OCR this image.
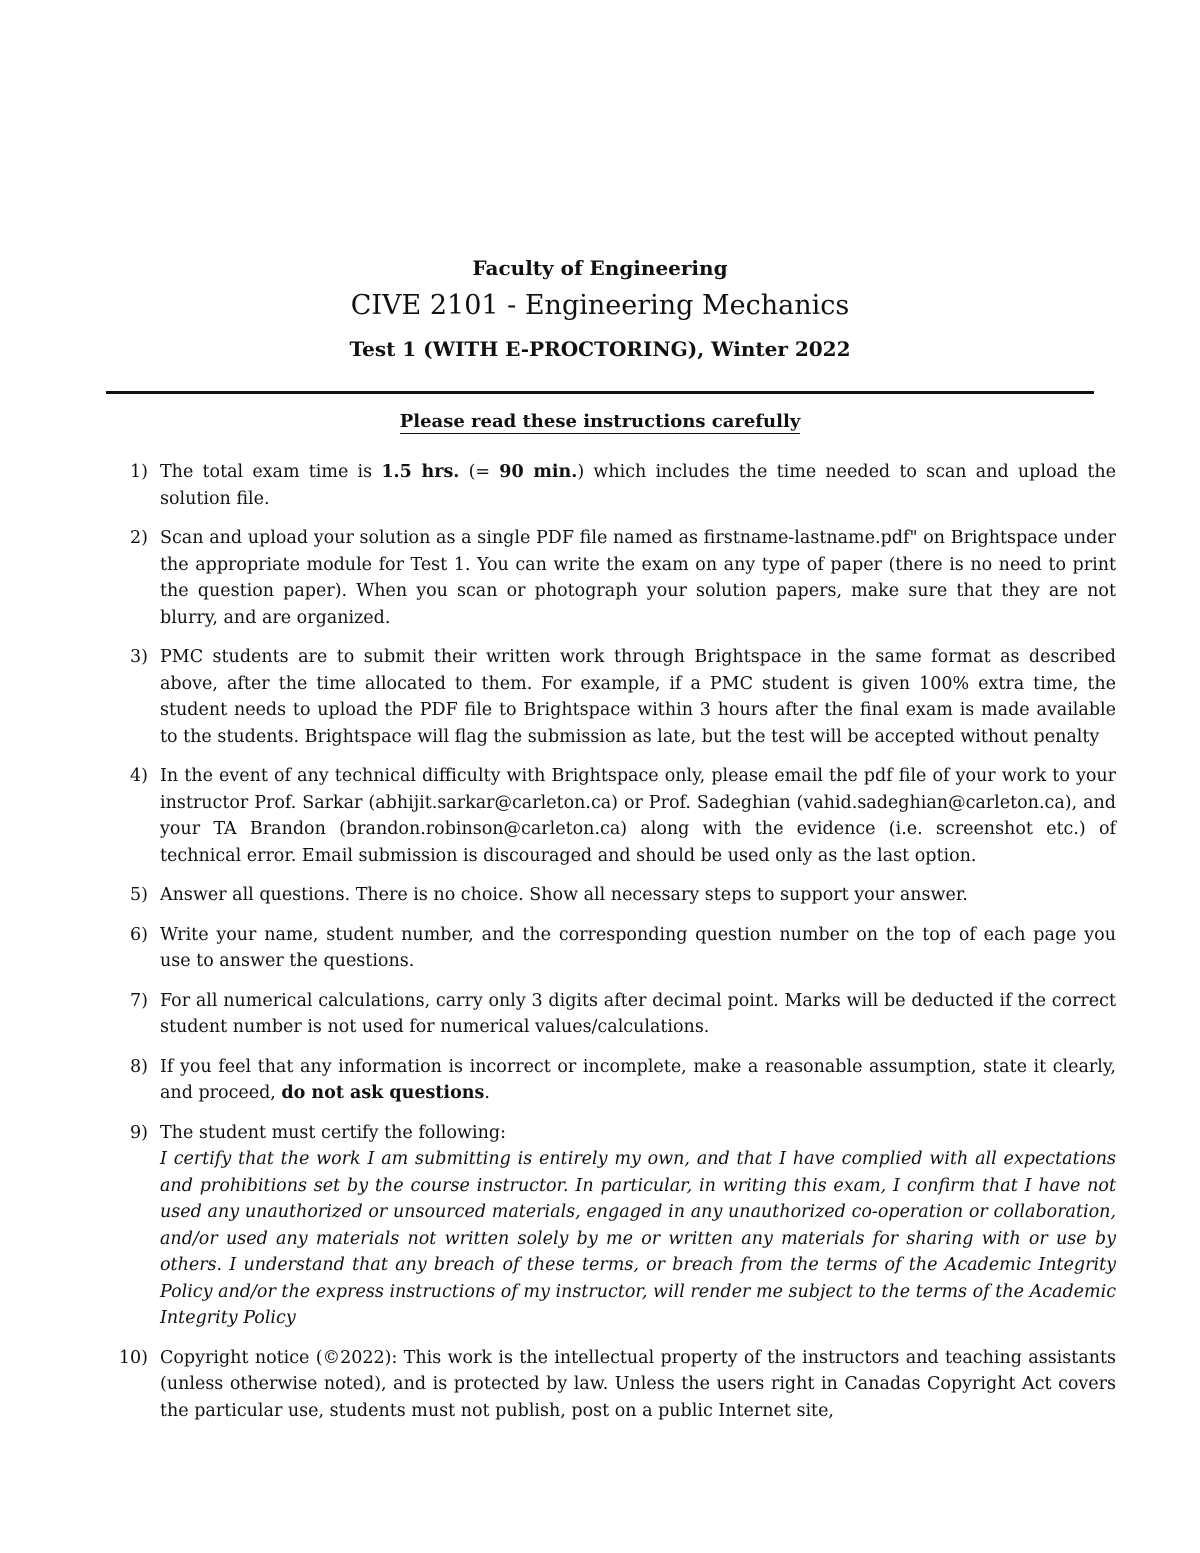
Faculty of Engineering
CIVE 2101 - Engineering Mechanics
Test 1 (WITH E-PROCTORING), Winter 2022
Please read these instructions carefully
1) The total exam time is 1.5 hrs. (= 90 min.) which includes the time needed to scan and upload the solution file.
2) Scan and upload your solution as a single PDF file named as firstname-lastname.pdf" on Brightspace under the appropriate module for Test 1. You can write the exam on any type of paper (there is no need to print the question paper). When you scan or photograph your solution papers, make sure that they are not blurry, and are organized.
3) PMC students are to submit their written work through Brightspace in the same format as described above, after the time allocated to them. For example, if a PMC student is given 100% extra time, the student needs to upload the PDF file to Brightspace within 3 hours after the final exam is made available to the students. Brightspace will flag the submission as late, but the test will be accepted without penalty
4) In the event of any technical difficulty with Brightspace only, please email the pdf file of your work to your instructor Prof. Sarkar (abhijit.sarkar@carleton.ca) or Prof. Sadeghian (vahid.sadeghian@carleton.ca), and your TA Brandon (brandon.robinson@carleton.ca) along with the evidence (i.e. screenshot etc.) of technical error. Email submission is discouraged and should be used only as the last option.
5) Answer all questions. There is no choice. Show all necessary steps to support your answer.
6) Write your name, student number, and the corresponding question number on the top of each page you use to answer the questions.
7) For all numerical calculations, carry only 3 digits after decimal point. Marks will be deducted if the correct student number is not used for numerical values/calculations.
8) If you feel that any information is incorrect or incomplete, make a reasonable assumption, state it clearly, and proceed, do not ask questions.
9) The student must certify the following:
I certify that the work I am submitting is entirely my own, and that I have complied with all expectations and prohibitions set by the course instructor. In particular, in writing this exam, I confirm that I have not used any unauthorized or unsourced materials, engaged in any unauthorized co-operation or collaboration, and/or used any materials not written solely by me or written any materials for sharing with or use by others. I understand that any breach of these terms, or breach from the terms of the Academic Integrity Policy and/or the express instructions of my instructor, will render me subject to the terms of the Academic Integrity Policy
10) Copyright notice (©2022): This work is the intellectual property of the instructors and teaching assistants (unless otherwise noted), and is protected by law. Unless the users right in Canadas Copyright Act covers the particular use, students must not publish, post on a public Internet site,
